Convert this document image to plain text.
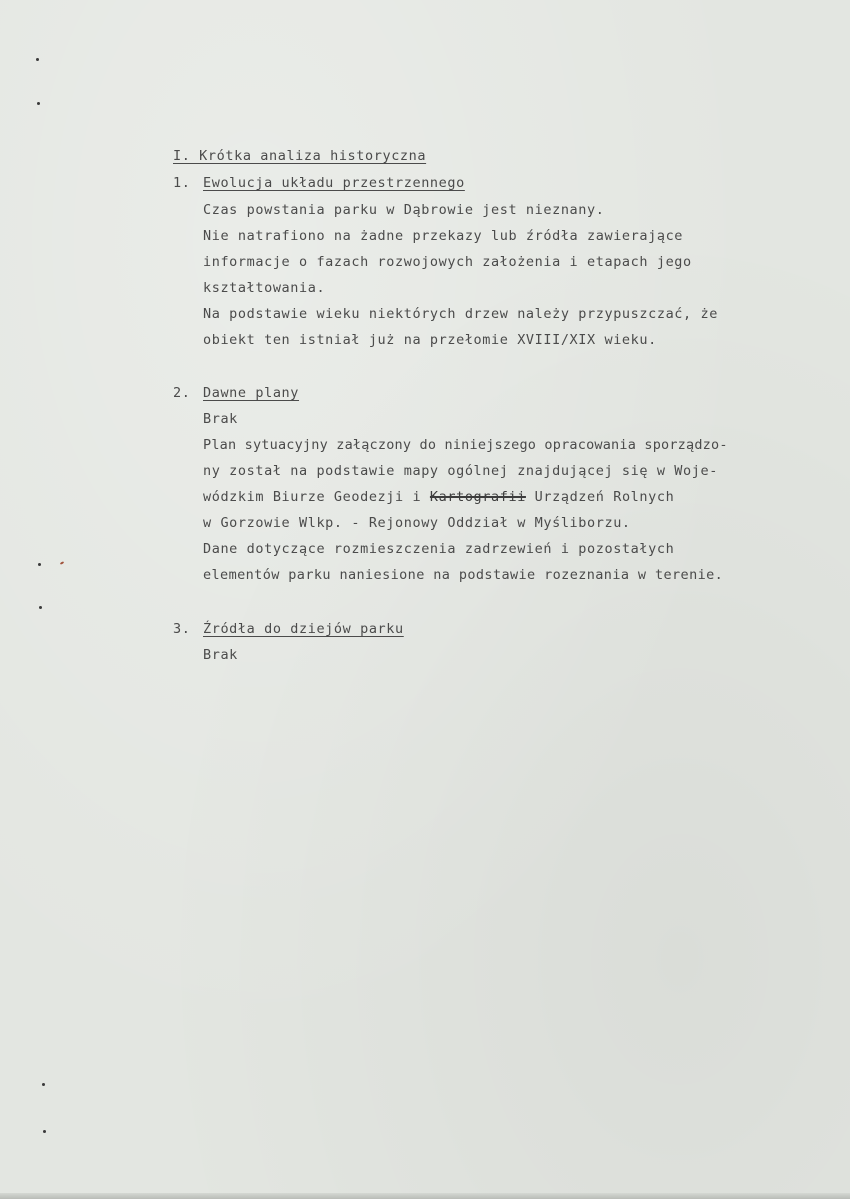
I. Krótka analiza historyczna
1. Ewolucja układu przestrzennego
Czas powstania parku w Dąbrowie jest nieznany.
Nie natrafiono na żadne przekazy lub źródła zawierające
informacje o fazach rozwojowych założenia i etapach jego
kształtowania.
Na podstawie wieku niektórych drzew należy przypuszczać, że
obiekt ten istniał już na przełomie XVIII/XIX wieku.
2. Dawne plany
Brak
Plan sytuacyjny załączony do niniejszego opracowania sporządzo-
ny został na podstawie mapy ogólnej znajdującej się w Woje-
wódzkim Biurze Geodezji i Kartografii Urządzeń Rolnych
w Gorzowie Wlkp. - Rejonowy Oddział w Myśliborzu.
Dane dotyczące rozmieszczenia zadrzewień i pozostałych
elementów parku naniesione na podstawie rozeznania w terenie.
3. Źródła do dziejów parku
Brak
